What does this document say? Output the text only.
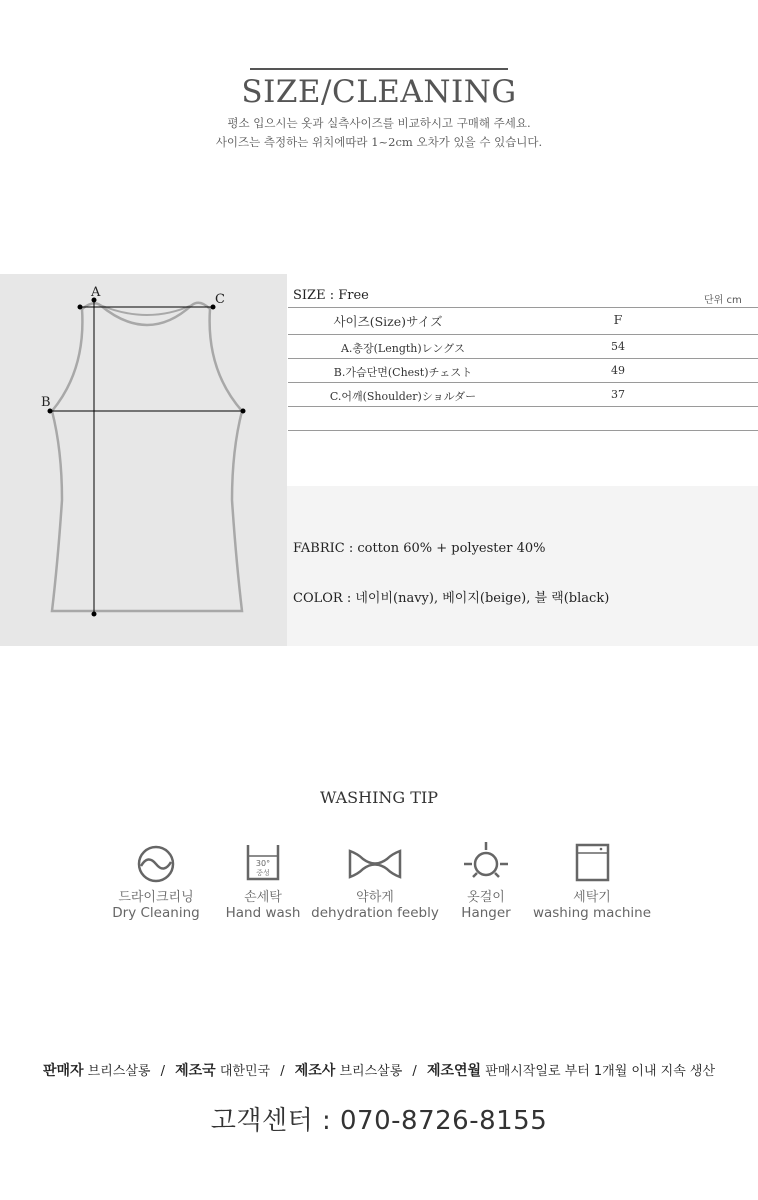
SIZE/CLEANING
평소 입으시는 옷과 실측사이즈를 비교하시고 구매해 주세요.
사이즈는 측정하는 위치에따라 1~2cm 오차가 있을 수 있습니다.
A	C
B
SIZE : Free	단위 cm
사이즈(Size)サイズ	F
A.총장(Length)レングス	54
B.가슴단면(Chest)チェスト	49
C.어깨(Shoulder)ショルダー	37
FABRIC : cotton 60% + polyester 40%
COLOR : 네이비(navy), 베이지(beige), 블 랙(black)
WASHING TIP
드라이크리닝
Dry Cleaning
30°
중성
손세탁
Hand wash
약하게
dehydration feebly
옷걸이
Hanger
세탁기
washing machine
판매자 브리스살롱 / 제조국 대한민국 / 제조사 브리스살롱 / 제조연월 판매시작일로 부터 1개월 이내 지속 생산
고객센터 : 070-8726-8155
